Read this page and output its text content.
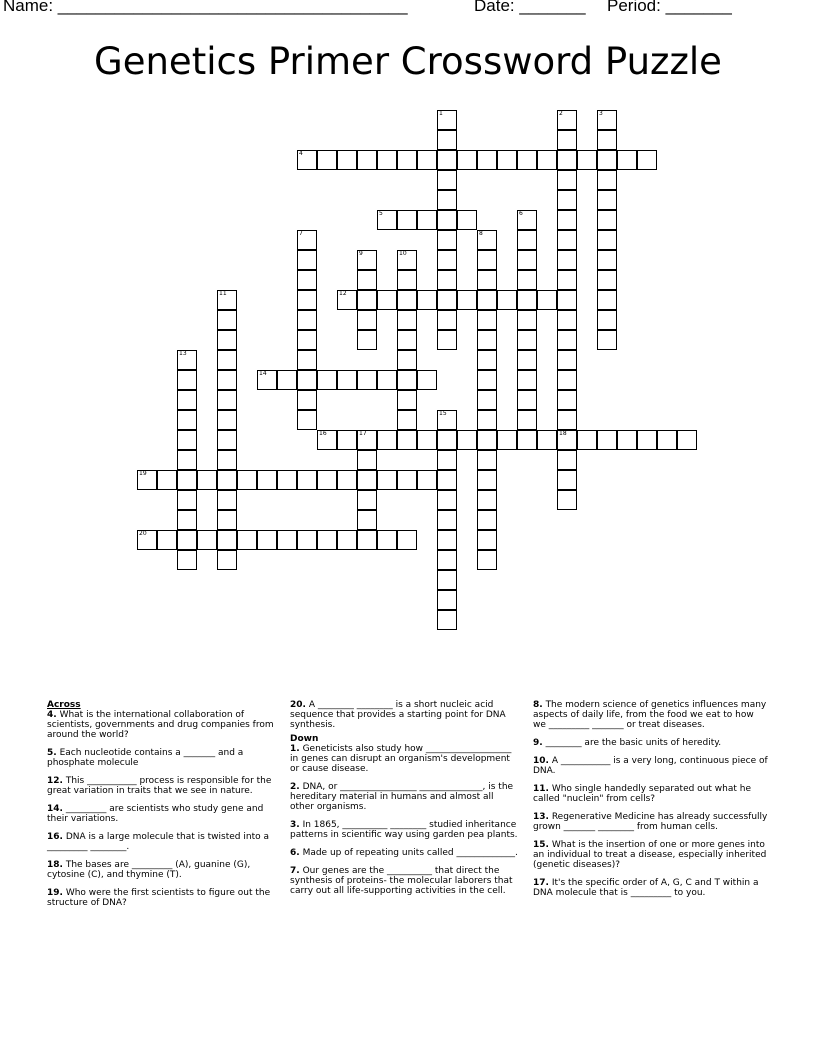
Name: _____________________________________	Date: _______ Period: _______
Genetics Primer Crossword Puzzle
1	2
18
3
4
5	6
7	8
9	10
11	12
13
14
15
16	17
19
20

Across

4. What is the international collaboration of scientists, governments and drug companies from around the world?
5. Each nucleotide contains a _______ and a phosphate molecule
12. This ___________ process is responsible for the great variation in traits that we see in nature.
14. _________ are scientists who study gene and their variations.
16. DNA is a large molecule that is twisted into a _________ ________.
18. The bases are _________ (A), guanine (G), cytosine (C), and thymine (T).
19. Who were the first scientists to figure out the structure of DNA?
20. A ________ ________ is a short nucleic acid sequence that provides a starting point for DNA synthesis.

Down

1. Geneticists also study how ___________________ in genes can disrupt an organism's development or cause disease.
2. DNA, or _________________ ______________, is the hereditary material in humans and almost all other organisms.
3. In 1865, __________ ________ studied inheritance patterns in scientific way using garden pea plants.
6. Made up of repeating units called _____________.
7. Our genes are the __________ that direct the synthesis of proteins- the molecular laborers that carry out all life-supporting activities in the cell.
8. The modern science of genetics influences many aspects of daily life, from the food we eat to how we _________ _______ or treat diseases.
9. ________ are the basic units of heredity.
10. A ___________ is a very long, continuous piece of DNA.
11. Who single handedly separated out what he called "nuclein" from cells?
13. Regenerative Medicine has already successfully grown _______ ________ from human cells.
15. What is the insertion of one or more genes into an individual to treat a disease, especially inherited (genetic diseases)?
17. It's the specific order of A, G, C and T within a DNA molecule that is _________ to you.
